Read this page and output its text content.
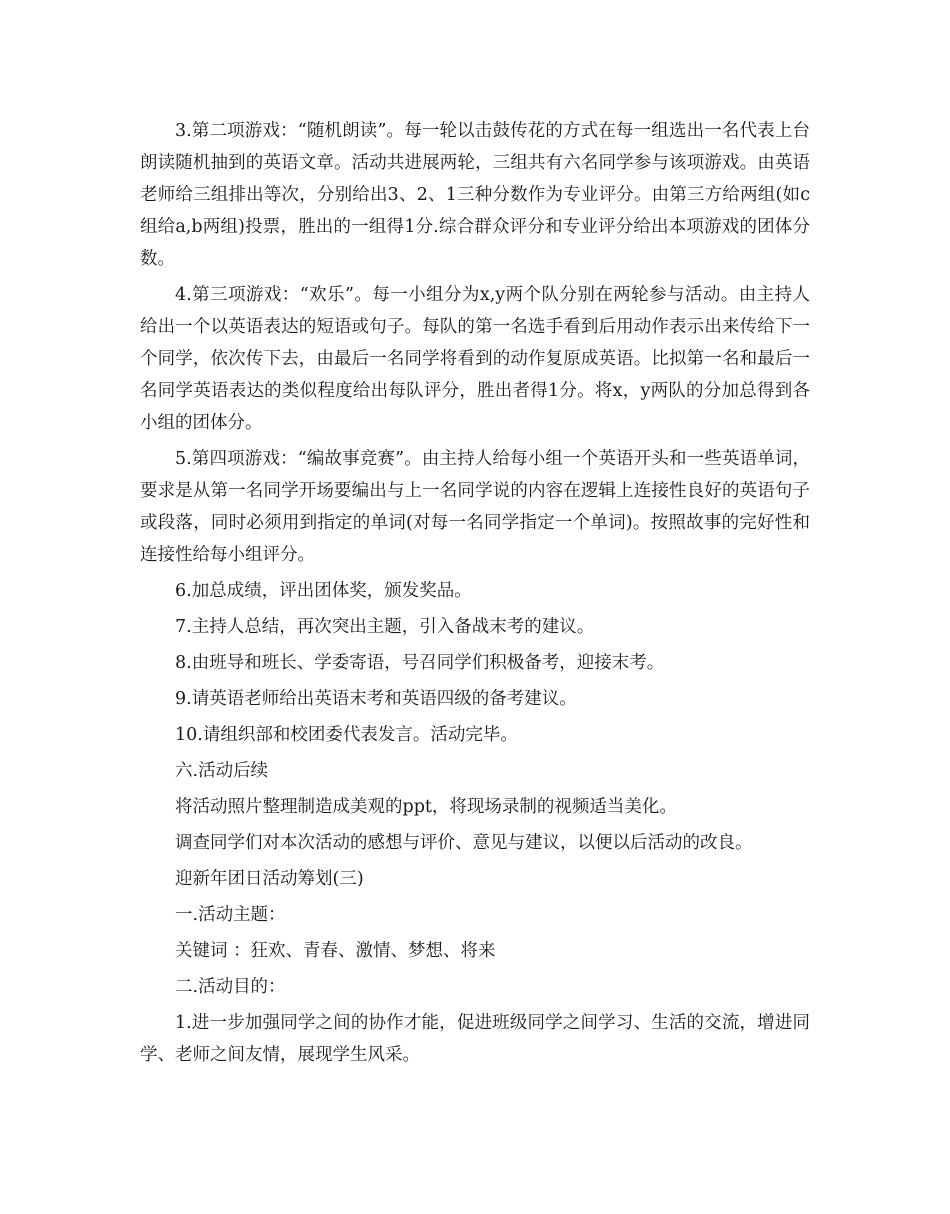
3.第二项游戏：“随机朗读”。每一轮以击鼓传花的方式在每一组选出一名代表上台朗读随机抽到的英语文章。活动共进展两轮，三组共有六名同学参与该项游戏。由英语老师给三组排出等次，分别给出3、2、1三种分数作为专业评分。由第三方给两组(如c组给a,b两组)投票，胜出的一组得1分.综合群众评分和专业评分给出本项游戏的团体分数。

4.第三项游戏：“欢乐”。每一小组分为x,y两个队分别在两轮参与活动。由主持人给出一个以英语表达的短语或句子。每队的第一名选手看到后用动作表示出来传给下一个同学，依次传下去，由最后一名同学将看到的动作复原成英语。比拟第一名和最后一名同学英语表达的类似程度给出每队评分，胜出者得1分。将x，y两队的分加总得到各小组的团体分。

5.第四项游戏：“编故事竞赛”。由主持人给每小组一个英语开头和一些英语单词，要求是从第一名同学开场要编出与上一名同学说的内容在逻辑上连接性良好的英语句子或段落，同时必须用到指定的单词(对每一名同学指定一个单词)。按照故事的完好性和连接性给每小组评分。

6.加总成绩，评出团体奖，颁发奖品。

7.主持人总结，再次突出主题，引入备战末考的建议。

8.由班导和班长、学委寄语，号召同学们积极备考，迎接末考。

9.请英语老师给出英语末考和英语四级的备考建议。

10.请组织部和校团委代表发言。活动完毕。

六.活动后续

将活动照片整理制造成美观的ppt，将现场录制的视频适当美化。

调查同学们对本次活动的感想与评价、意见与建议，以便以后活动的改良。

迎新年团日活动筹划(三)

一.活动主题：

关键词 ：狂欢、青春、激情、梦想、将来

二.活动目的：

1.进一步加强同学之间的协作才能，促进班级同学之间学习、生活的交流，增进同学、老师之间友情，展现学生风采。
